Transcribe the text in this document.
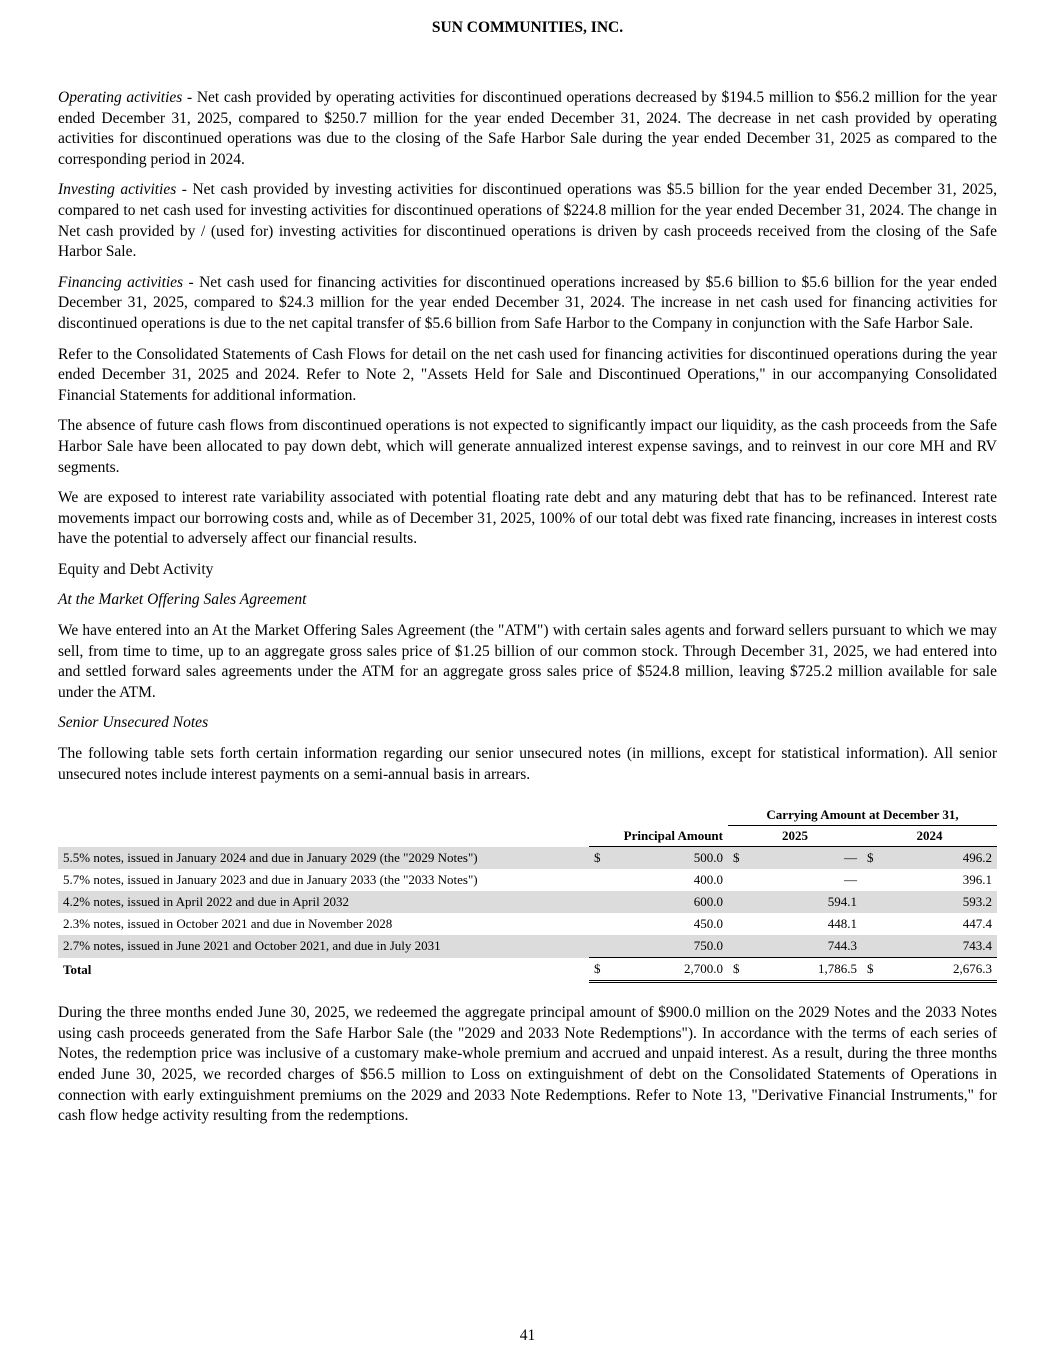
SUN COMMUNITIES, INC.

Operating activities - Net cash provided by operating activities for discontinued operations decreased by $194.5 million to $56.2 million for the year ended December 31, 2025, compared to $250.7 million for the year ended December 31, 2024. The decrease in net cash provided by operating activities for discontinued operations was due to the closing of the Safe Harbor Sale during the year ended December 31, 2025 as compared to the corresponding period in 2024.

Investing activities - Net cash provided by investing activities for discontinued operations was $5.5 billion for the year ended December 31, 2025, compared to net cash used for investing activities for discontinued operations of $224.8 million for the year ended December 31, 2024. The change in Net cash provided by / (used for) investing activities for discontinued operations is driven by cash proceeds received from the closing of the Safe Harbor Sale.

Financing activities - Net cash used for financing activities for discontinued operations increased by $5.6 billion to $5.6 billion for the year ended December 31, 2025, compared to $24.3 million for the year ended December 31, 2024. The increase in net cash used for financing activities for discontinued operations is due to the net capital transfer of $5.6 billion from Safe Harbor to the Company in conjunction with the Safe Harbor Sale.

Refer to the Consolidated Statements of Cash Flows for detail on the net cash used for financing activities for discontinued operations during the year ended December 31, 2025 and 2024. Refer to Note 2, "Assets Held for Sale and Discontinued Operations," in our accompanying Consolidated Financial Statements for additional information.

The absence of future cash flows from discontinued operations is not expected to significantly impact our liquidity, as the cash proceeds from the Safe Harbor Sale have been allocated to pay down debt, which will generate annualized interest expense savings, and to reinvest in our core MH and RV segments.

We are exposed to interest rate variability associated with potential floating rate debt and any maturing debt that has to be refinanced. Interest rate movements impact our borrowing costs and, while as of December 31, 2025, 100% of our total debt was fixed rate financing, increases in interest costs have the potential to adversely affect our financial results.

Equity and Debt Activity

At the Market Offering Sales Agreement

We have entered into an At the Market Offering Sales Agreement (the "ATM") with certain sales agents and forward sellers pursuant to which we may sell, from time to time, up to an aggregate gross sales price of $1.25 billion of our common stock. Through December 31, 2025, we had entered into and settled forward sales agreements under the ATM for an aggregate gross sales price of $524.8 million, leaving $725.2 million available for sale under the ATM.

Senior Unsecured Notes

The following table sets forth certain information regarding our senior unsecured notes (in millions, except for statistical information). All senior unsecured notes include interest payments on a semi-annual basis in arrears.

			Carrying Amount at December 31,			
	Principal Amount		2025		2024	
5.5% notes, issued in January 2024 and due in January 2029 (the "2029 Notes")	$	500.0	$	—	$	496.2
5.7% notes, issued in January 2023 and due in January 2033 (the "2033 Notes")		400.0		—		396.1
4.2% notes, issued in April 2022 and due in April 2032		600.0		594.1		593.2
2.3% notes, issued in October 2021 and due in November 2028		450.0		448.1		447.4
2.7% notes, issued in June 2021 and October 2021, and due in July 2031		750.0		744.3		743.4
Total	$	2,700.0	$	1,786.5	$	2,676.3

During the three months ended June 30, 2025, we redeemed the aggregate principal amount of $900.0 million on the 2029 Notes and the 2033 Notes using cash proceeds generated from the Safe Harbor Sale (the "2029 and 2033 Note Redemptions"). In accordance with the terms of each series of Notes, the redemption price was inclusive of a customary make-whole premium and accrued and unpaid interest. As a result, during the three months ended June 30, 2025, we recorded charges of $56.5 million to Loss on extinguishment of debt on the Consolidated Statements of Operations in connection with early extinguishment premiums on the 2029 and 2033 Note Redemptions. Refer to Note 13, "Derivative Financial Instruments," for cash flow hedge activity resulting from the redemptions.

41
